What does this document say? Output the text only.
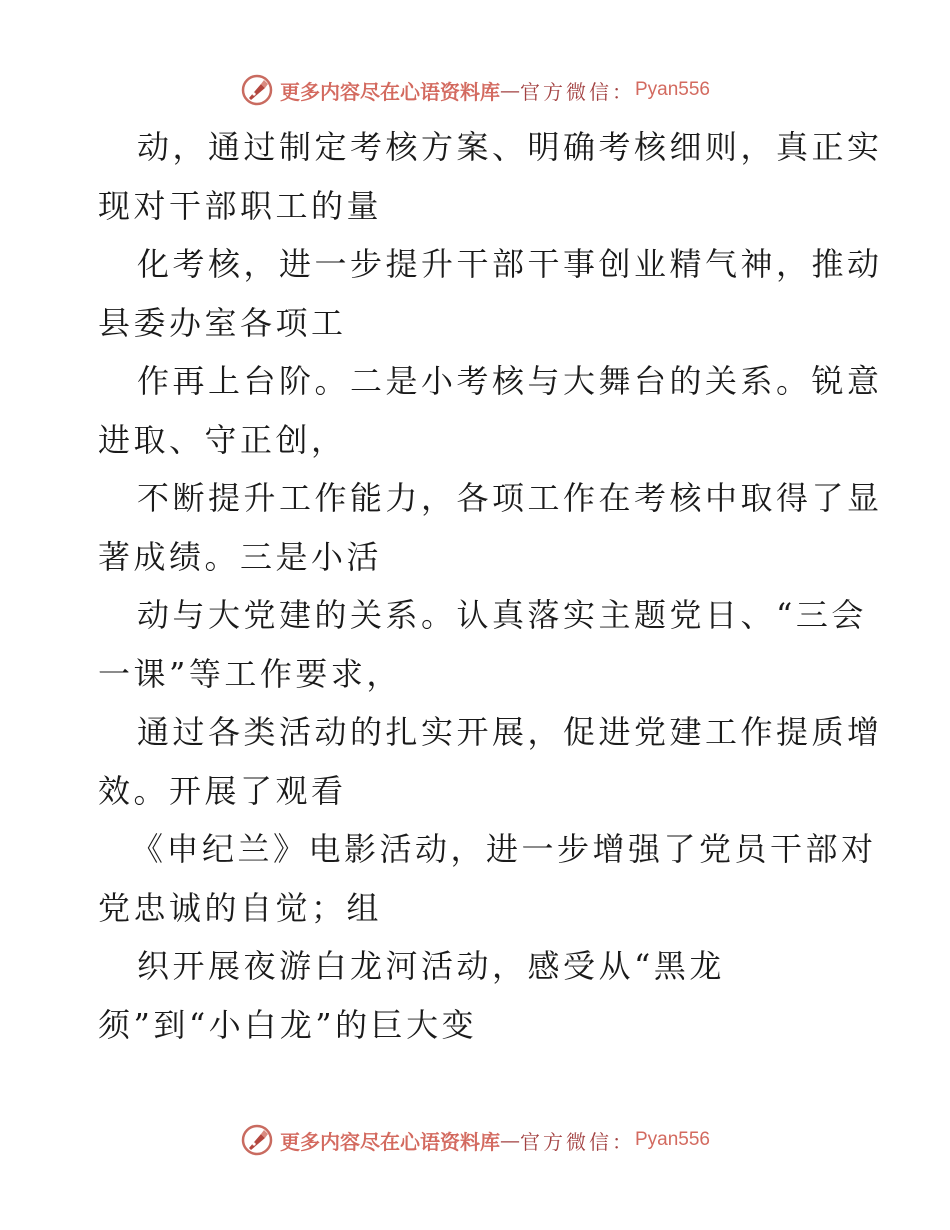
更多内容尽在心语资料库 — 官方微信： Pyan556

动，通过制定考核方案、明确考核细则，真正实
现对干部职工的量

化考核，进一步提升干部干事创业精气神，推动
县委办室各项工

作再上台阶。二是小考核与大舞台的关系。锐意
进取、守正创，

不断提升工作能力，各项工作在考核中取得了显
著成绩。三是小活

动与大党建的关系。认真落实主题党日、“三会
一课”等工作要求，

通过各类活动的扎实开展，促进党建工作提质增
效。开展了观看

《申纪兰》电影活动，进一步增强了党员干部对
党忠诚的自觉；组

织开展夜游白龙河活动，感受从“黑龙
须”到“小白龙”的巨大变

更多内容尽在心语资料库 — 官方微信： Pyan556
